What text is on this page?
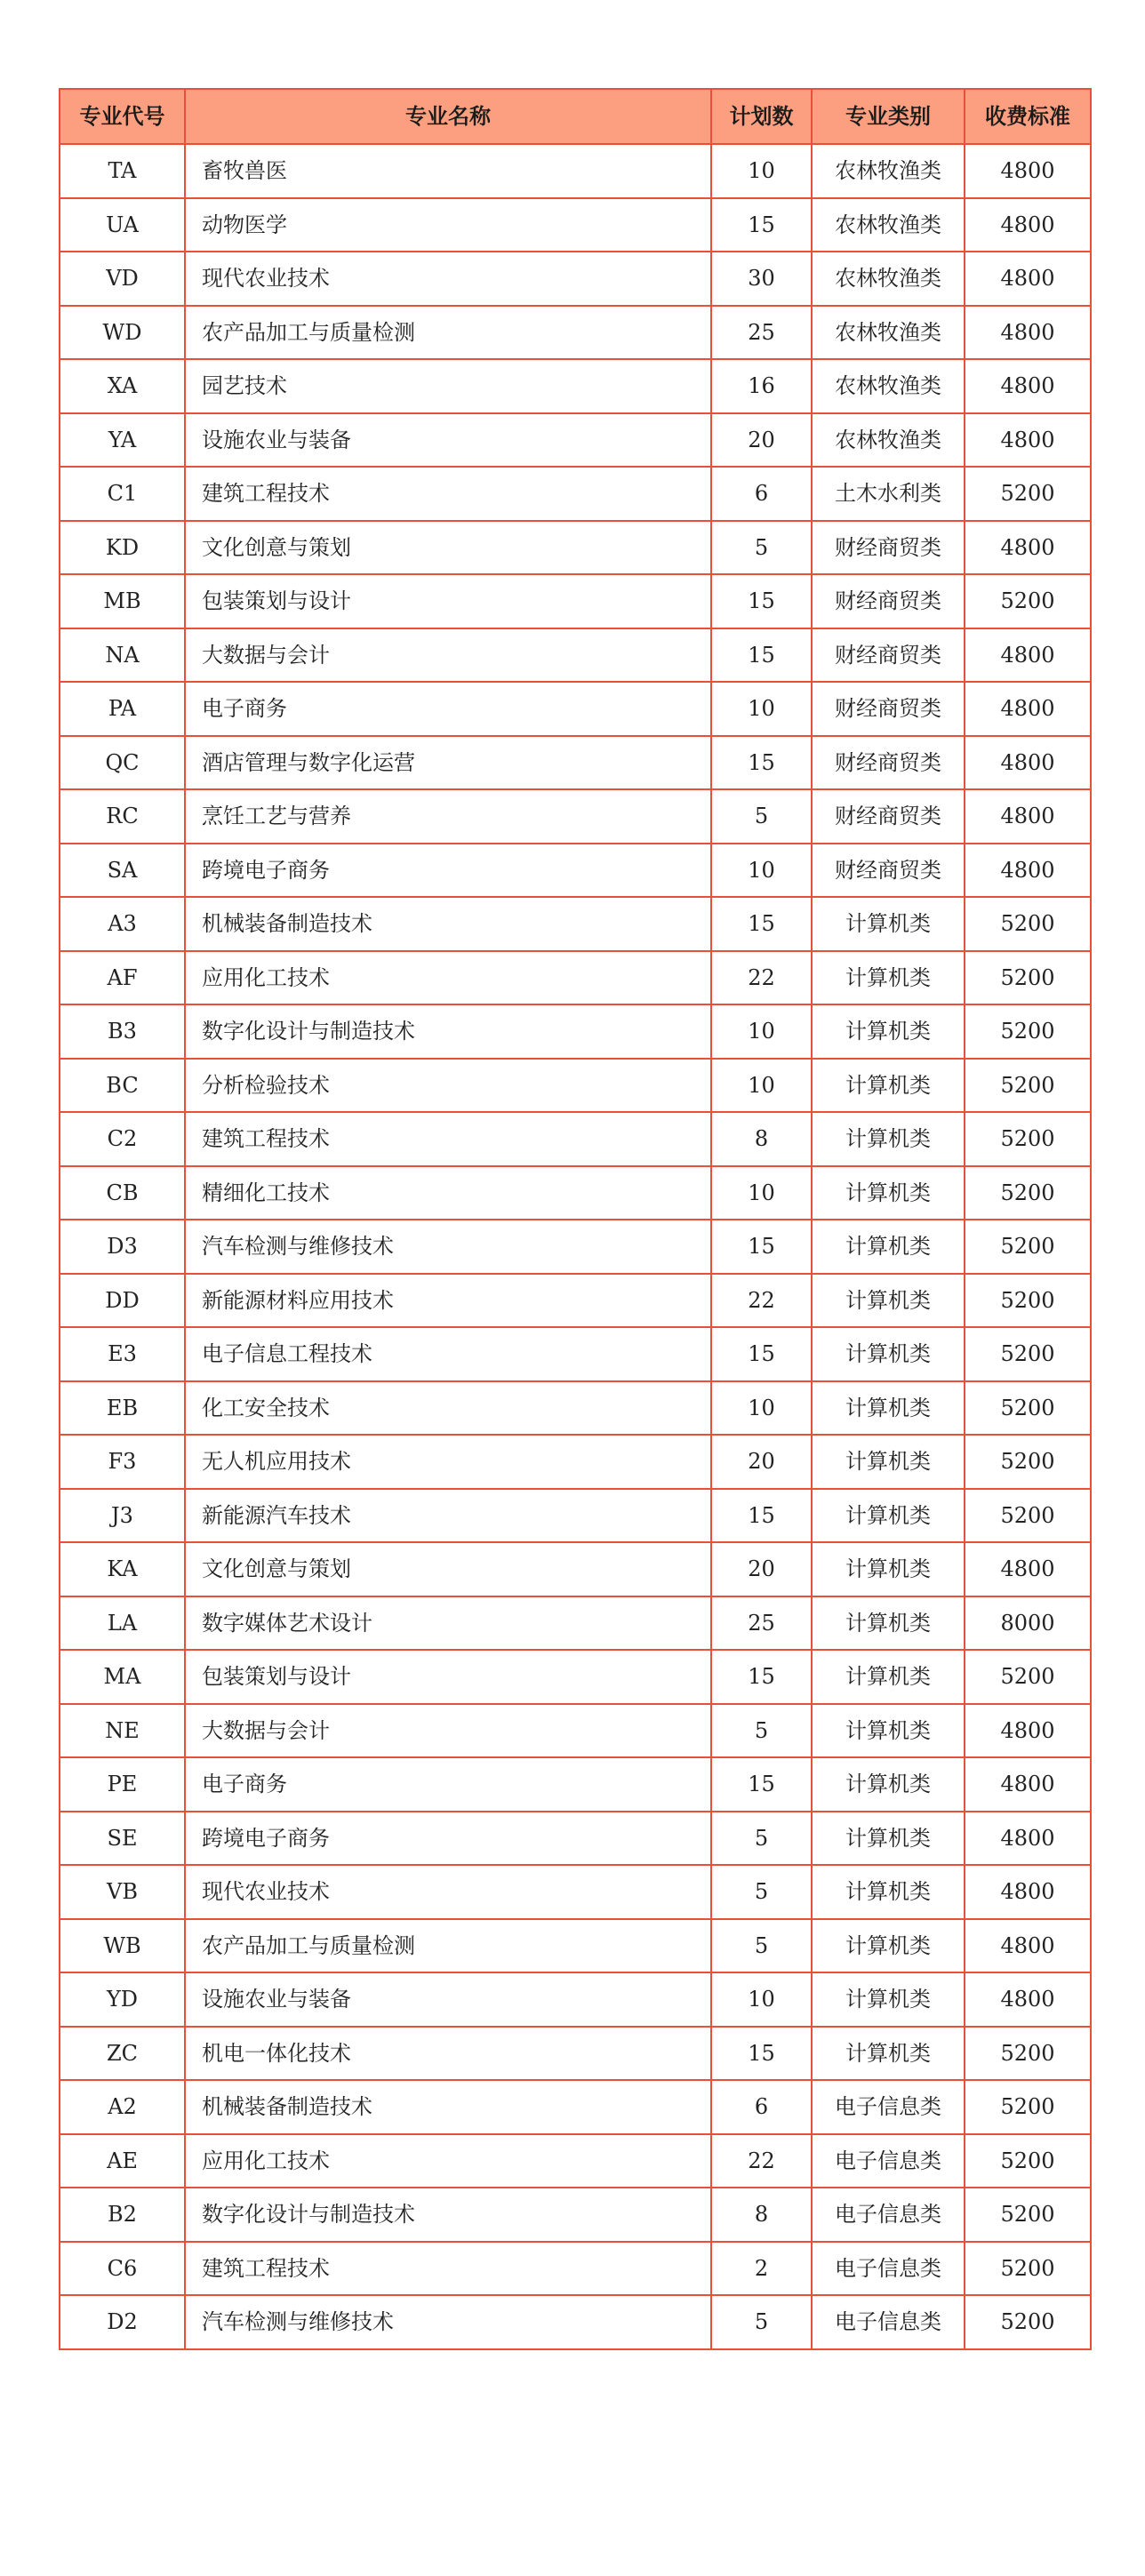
专业代号	专业名称	计划数	专业类别	收费标准
TA	畜牧兽医	10	农林牧渔类	4800
UA	动物医学	15	农林牧渔类	4800
VD	现代农业技术	30	农林牧渔类	4800
WD	农产品加工与质量检测	25	农林牧渔类	4800
XA	园艺技术	16	农林牧渔类	4800
YA	设施农业与装备	20	农林牧渔类	4800
C1	建筑工程技术	6	土木水利类	5200
KD	文化创意与策划	5	财经商贸类	4800
MB	包装策划与设计	15	财经商贸类	5200
NA	大数据与会计	15	财经商贸类	4800
PA	电子商务	10	财经商贸类	4800
QC	酒店管理与数字化运营	15	财经商贸类	4800
RC	烹饪工艺与营养	5	财经商贸类	4800
SA	跨境电子商务	10	财经商贸类	4800
A3	机械装备制造技术	15	计算机类	5200
AF	应用化工技术	22	计算机类	5200
B3	数字化设计与制造技术	10	计算机类	5200
BC	分析检验技术	10	计算机类	5200
C2	建筑工程技术	8	计算机类	5200
CB	精细化工技术	10	计算机类	5200
D3	汽车检测与维修技术	15	计算机类	5200
DD	新能源材料应用技术	22	计算机类	5200
E3	电子信息工程技术	15	计算机类	5200
EB	化工安全技术	10	计算机类	5200
F3	无人机应用技术	20	计算机类	5200
J3	新能源汽车技术	15	计算机类	5200
KA	文化创意与策划	20	计算机类	4800
LA	数字媒体艺术设计	25	计算机类	8000
MA	包装策划与设计	15	计算机类	5200
NE	大数据与会计	5	计算机类	4800
PE	电子商务	15	计算机类	4800
SE	跨境电子商务	5	计算机类	4800
VB	现代农业技术	5	计算机类	4800
WB	农产品加工与质量检测	5	计算机类	4800
YD	设施农业与装备	10	计算机类	4800
ZC	机电一体化技术	15	计算机类	5200
A2	机械装备制造技术	6	电子信息类	5200
AE	应用化工技术	22	电子信息类	5200
B2	数字化设计与制造技术	8	电子信息类	5200
C6	建筑工程技术	2	电子信息类	5200
D2	汽车检测与维修技术	5	电子信息类	5200
